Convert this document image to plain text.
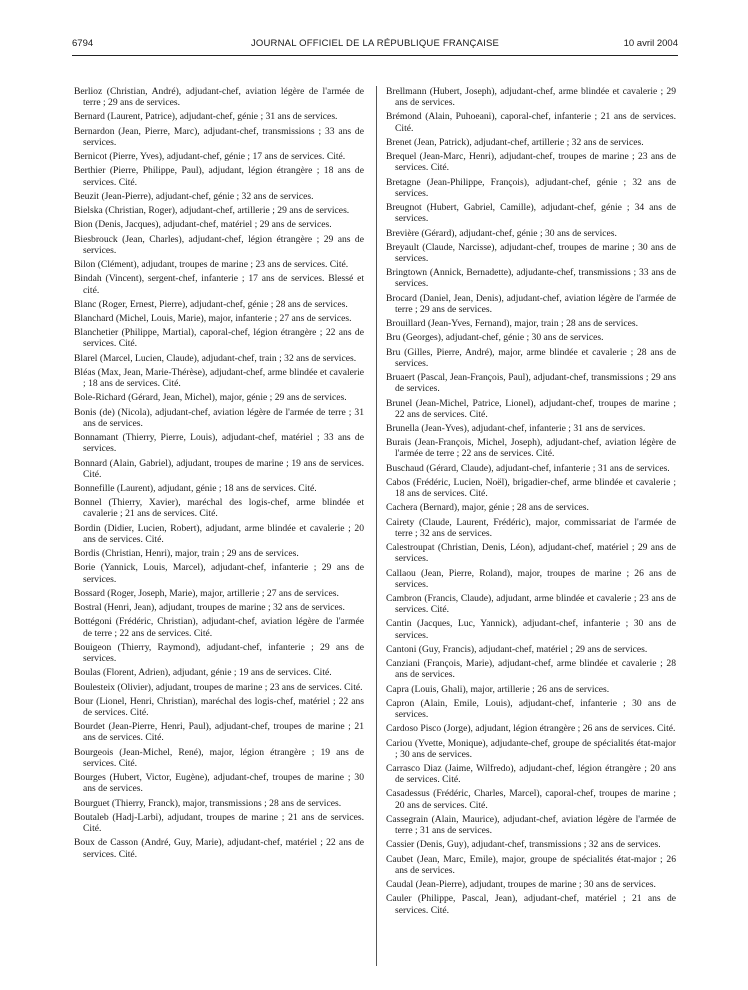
6794	JOURNAL OFFICIEL DE LA RÉPUBLIQUE FRANÇAISE	10 avril 2004

Berlioz (Christian, André), adjudant-chef, aviation légère de l'armée de terre ; 29 ans de services.

Bernard (Laurent, Patrice), adjudant-chef, génie ; 31 ans de services.

Bernardon (Jean, Pierre, Marc), adjudant-chef, transmissions ; 33 ans de services.

Bernicot (Pierre, Yves), adjudant-chef, génie ; 17 ans de services. Cité.

Berthier (Pierre, Philippe, Paul), adjudant, légion étrangère ; 18 ans de services. Cité.

Beuzit (Jean-Pierre), adjudant-chef, génie ; 32 ans de services.

Bielska (Christian, Roger), adjudant-chef, artillerie ; 29 ans de services.

Bion (Denis, Jacques), adjudant-chef, matériel ; 29 ans de services.

Biesbrouck (Jean, Charles), adjudant-chef, légion étrangère ; 29 ans de services.

Bilon (Clément), adjudant, troupes de marine ; 23 ans de services. Cité.

Bindah (Vincent), sergent-chef, infanterie ; 17 ans de services. Blessé et cité.

Blanc (Roger, Ernest, Pierre), adjudant-chef, génie ; 28 ans de services.

Blanchard (Michel, Louis, Marie), major, infanterie ; 27 ans de services.

Blanchetier (Philippe, Martial), caporal-chef, légion étrangère ; 22 ans de services. Cité.

Blarel (Marcel, Lucien, Claude), adjudant-chef, train ; 32 ans de services.

Bléas (Max, Jean, Marie-Thérèse), adjudant-chef, arme blindée et cavalerie ; 18 ans de services. Cité.

Bole-Richard (Gérard, Jean, Michel), major, génie ; 29 ans de services.

Bonis (de) (Nicola), adjudant-chef, aviation légère de l'armée de terre ; 31 ans de services.

Bonnamant (Thierry, Pierre, Louis), adjudant-chef, matériel ; 33 ans de services.

Bonnard (Alain, Gabriel), adjudant, troupes de marine ; 19 ans de services. Cité.

Bonnefille (Laurent), adjudant, génie ; 18 ans de services. Cité.

Bonnel (Thierry, Xavier), maréchal des logis-chef, arme blindée et cavalerie ; 21 ans de services. Cité.

Bordin (Didier, Lucien, Robert), adjudant, arme blindée et cavalerie ; 20 ans de services. Cité.

Bordis (Christian, Henri), major, train ; 29 ans de services.

Borie (Yannick, Louis, Marcel), adjudant-chef, infanterie ; 29 ans de services.

Bossard (Roger, Joseph, Marie), major, artillerie ; 27 ans de services.

Bostral (Henri, Jean), adjudant, troupes de marine ; 32 ans de services.

Bottégoni (Frédéric, Christian), adjudant-chef, aviation légère de l'armée de terre ; 22 ans de services. Cité.

Bouigeon (Thierry, Raymond), adjudant-chef, infanterie ; 29 ans de services.

Boulas (Florent, Adrien), adjudant, génie ; 19 ans de services. Cité.

Boulesteix (Olivier), adjudant, troupes de marine ; 23 ans de services. Cité.

Bour (Lionel, Henri, Christian), maréchal des logis-chef, matériel ; 22 ans de services. Cité.

Bourdet (Jean-Pierre, Henri, Paul), adjudant-chef, troupes de marine ; 21 ans de services. Cité.

Bourgeois (Jean-Michel, René), major, légion étrangère ; 19 ans de services. Cité.

Bourges (Hubert, Victor, Eugène), adjudant-chef, troupes de marine ; 30 ans de services.

Bourguet (Thierry, Franck), major, transmissions ; 28 ans de services.

Boutaleb (Hadj-Larbi), adjudant, troupes de marine ; 21 ans de services. Cité.

Boux de Casson (André, Guy, Marie), adjudant-chef, matériel ; 22 ans de services. Cité.

Brellmann (Hubert, Joseph), adjudant-chef, arme blindée et cavalerie ; 29 ans de services.

Brémond (Alain, Puhoeani), caporal-chef, infanterie ; 21 ans de services. Cité.

Brenet (Jean, Patrick), adjudant-chef, artillerie ; 32 ans de services.

Brequel (Jean-Marc, Henri), adjudant-chef, troupes de marine ; 23 ans de services. Cité.

Bretagne (Jean-Philippe, François), adjudant-chef, génie ; 32 ans de services.

Breugnot (Hubert, Gabriel, Camille), adjudant-chef, génie ; 34 ans de services.

Brevière (Gérard), adjudant-chef, génie ; 30 ans de services.

Breyault (Claude, Narcisse), adjudant-chef, troupes de marine ; 30 ans de services.

Bringtown (Annick, Bernadette), adjudante-chef, transmissions ; 33 ans de services.

Brocard (Daniel, Jean, Denis), adjudant-chef, aviation légère de l'armée de terre ; 29 ans de services.

Brouillard (Jean-Yves, Fernand), major, train ; 28 ans de services.

Bru (Georges), adjudant-chef, génie ; 30 ans de services.

Bru (Gilles, Pierre, André), major, arme blindée et cavalerie ; 28 ans de services.

Bruaert (Pascal, Jean-François, Paul), adjudant-chef, transmissions ; 29 ans de services.

Brunel (Jean-Michel, Patrice, Lionel), adjudant-chef, troupes de marine ; 22 ans de services. Cité.

Brunella (Jean-Yves), adjudant-chef, infanterie ; 31 ans de services.

Burais (Jean-François, Michel, Joseph), adjudant-chef, aviation légère de l'armée de terre ; 22 ans de services. Cité.

Buschaud (Gérard, Claude), adjudant-chef, infanterie ; 31 ans de services.

Cabos (Frédéric, Lucien, Noël), brigadier-chef, arme blindée et cavalerie ; 18 ans de services. Cité.

Cachera (Bernard), major, génie ; 28 ans de services.

Cairety (Claude, Laurent, Frédéric), major, commissariat de l'armée de terre ; 32 ans de services.

Calestroupat (Christian, Denis, Léon), adjudant-chef, matériel ; 29 ans de services.

Callaou (Jean, Pierre, Roland), major, troupes de marine ; 26 ans de services.

Cambron (Francis, Claude), adjudant, arme blindée et cavalerie ; 23 ans de services. Cité.

Cantin (Jacques, Luc, Yannick), adjudant-chef, infanterie ; 30 ans de services.

Cantoni (Guy, Francis), adjudant-chef, matériel ; 29 ans de services.

Canziani (François, Marie), adjudant-chef, arme blindée et cavalerie ; 28 ans de services.

Capra (Louis, Ghali), major, artillerie ; 26 ans de services.

Capron (Alain, Emile, Louis), adjudant-chef, infanterie ; 30 ans de services.

Cardoso Pisco (Jorge), adjudant, légion étrangère ; 26 ans de services. Cité.

Cariou (Yvette, Monique), adjudante-chef, groupe de spécialités état-major ; 30 ans de services.

Carrasco Diaz (Jaime, Wilfredo), adjudant-chef, légion étrangère ; 20 ans de services. Cité.

Casadessus (Frédéric, Charles, Marcel), caporal-chef, troupes de marine ; 20 ans de services. Cité.

Cassegrain (Alain, Maurice), adjudant-chef, aviation légère de l'armée de terre ; 31 ans de services.

Cassier (Denis, Guy), adjudant-chef, transmissions ; 32 ans de services.

Caubet (Jean, Marc, Emile), major, groupe de spécialités état-major ; 26 ans de services.

Caudal (Jean-Pierre), adjudant, troupes de marine ; 30 ans de services.

Cauler (Philippe, Pascal, Jean), adjudant-chef, matériel ; 21 ans de services. Cité.
